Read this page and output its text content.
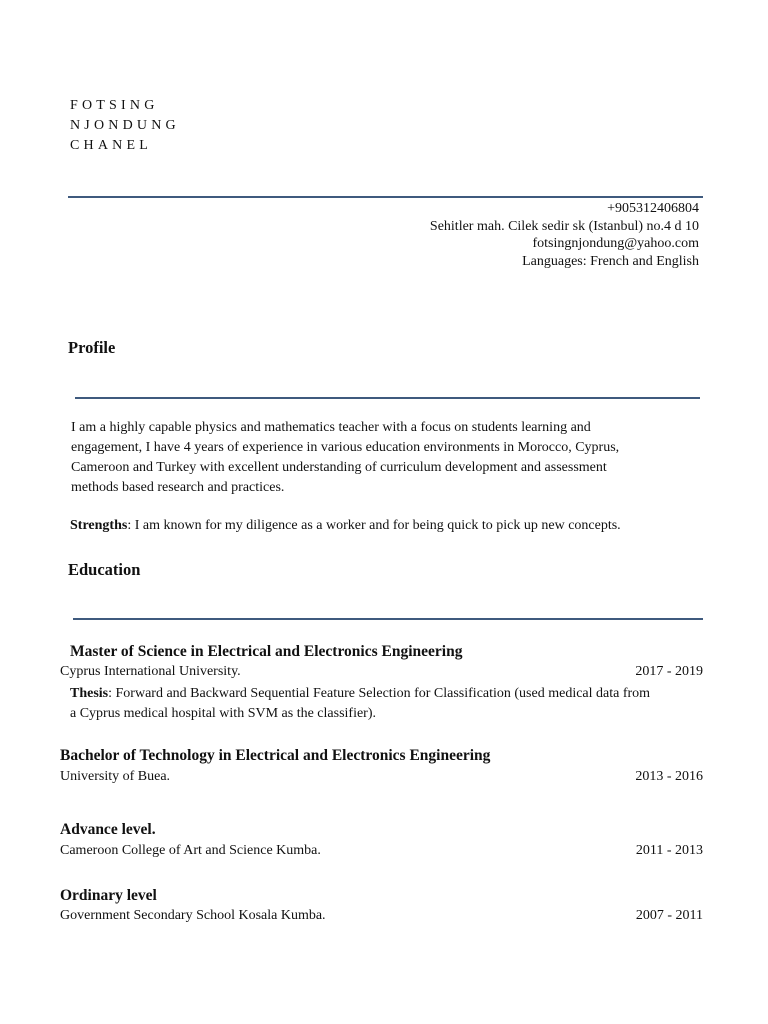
FOTSING
NJONDUNG
CHANEL
+905312406804
Sehitler mah. Cilek sedir sk (Istanbul) no.4 d 10
fotsingnjondung@yahoo.com
Languages: French and English
Profile

I am a highly capable physics and mathematics teacher with a focus on students learning and

engagement, I have 4 years of experience in various education environments in Morocco, Cyprus,

Cameroon and Turkey with excellent understanding of curriculum development and assessment

methods based research and practices.

Strengths: I am known for my diligence as a worker and for being quick to pick up new concepts.
Education
Master of Science in Electrical and Electronics Engineering
Cyprus International University.	2017 - 2019

Thesis: Forward and Backward Sequential Feature Selection for Classification (used medical data from

a Cyprus medical hospital with SVM as the classifier).

Bachelor of Technology in Electrical and Electronics Engineering
University of Buea.	2013 - 2016
Advance level.
Cameroon College of Art and Science Kumba.	2011 - 2013
Ordinary level
Government Secondary School Kosala Kumba.	2007 - 2011
